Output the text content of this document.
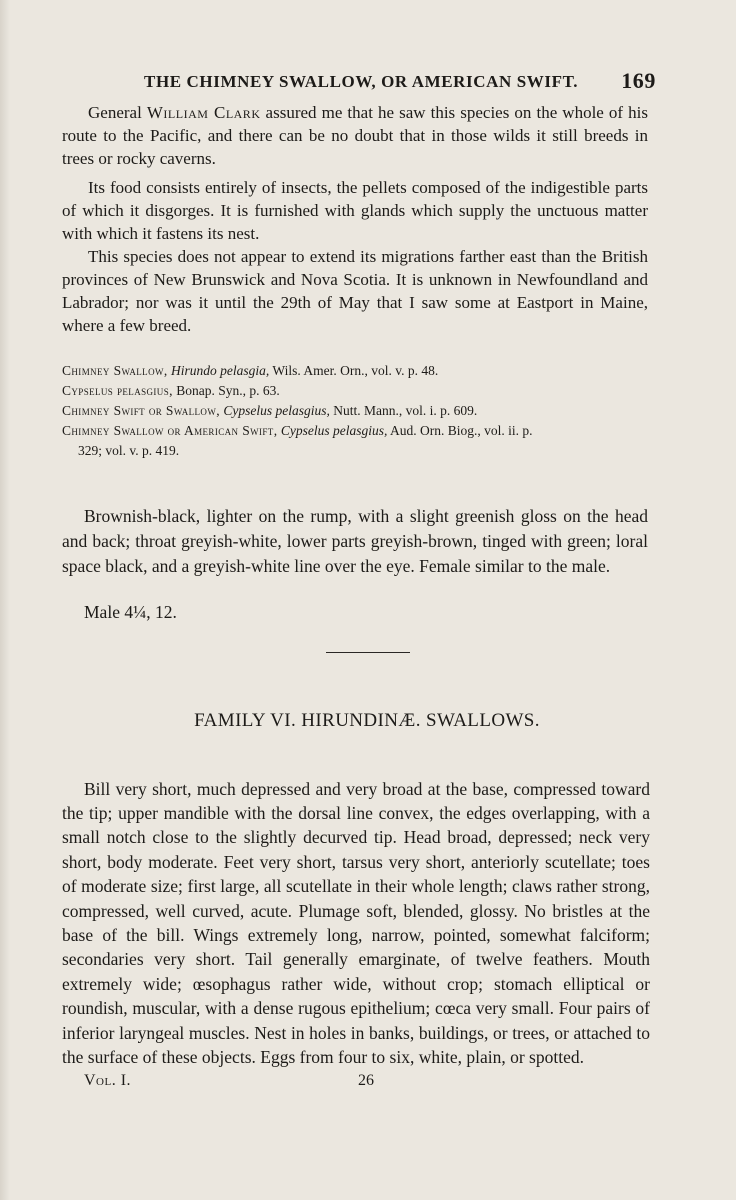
THE CHIMNEY SWALLOW, OR AMERICAN SWIFT. 169

General William Clark assured me that he saw this species on the whole of his route to the Pacific, and there can be no doubt that in those wilds it still breeds in trees or rocky caverns.

Its food consists entirely of insects, the pellets composed of the indigestible parts of which it disgorges. It is furnished with glands which supply the unctuous matter with which it fastens its nest.

This species does not appear to extend its migrations farther east than the British provinces of New Brunswick and Nova Scotia. It is unknown in Newfoundland and Labrador; nor was it until the 29th of May that I saw some at Eastport in Maine, where a few breed.

Chimney Swallow, Hirundo pelasgia, Wils. Amer. Orn., vol. v. p. 48.
Cypselus pelasgius, Bonap. Syn., p. 63.
Chimney Swift or Swallow, Cypselus pelasgius, Nutt. Mann., vol. i. p. 609.
Chimney Swallow or American Swift, Cypselus pelasgius, Aud. Orn. Biog., vol. ii. p.
329; vol. v. p. 419.

Brownish-black, lighter on the rump, with a slight greenish gloss on the head and back; throat greyish-white, lower parts greyish-brown, tinged with green; loral space black, and a greyish-white line over the eye. Female similar to the male.

Male 4¼, 12.

FAMILY VI. HIRUNDINÆ. SWALLOWS.

Bill very short, much depressed and very broad at the base, compressed toward the tip; upper mandible with the dorsal line convex, the edges overlapping, with a small notch close to the slightly decurved tip. Head broad, depressed; neck very short, body moderate. Feet very short, tarsus very short, anteriorly scutellate; toes of moderate size; first large, all scutellate in their whole length; claws rather strong, compressed, well curved, acute. Plumage soft, blended, glossy. No bristles at the base of the bill. Wings extremely long, narrow, pointed, somewhat falciform; secondaries very short. Tail generally emarginate, of twelve feathers. Mouth extremely wide; œsophagus rather wide, without crop; stomach elliptical or roundish, muscular, with a dense rugous epithelium; cœca very small. Four pairs of inferior laryngeal muscles. Nest in holes in banks, buildings, or trees, or attached to the surface of these objects. Eggs from four to six, white, plain, or spotted.

Vol. I.	26
